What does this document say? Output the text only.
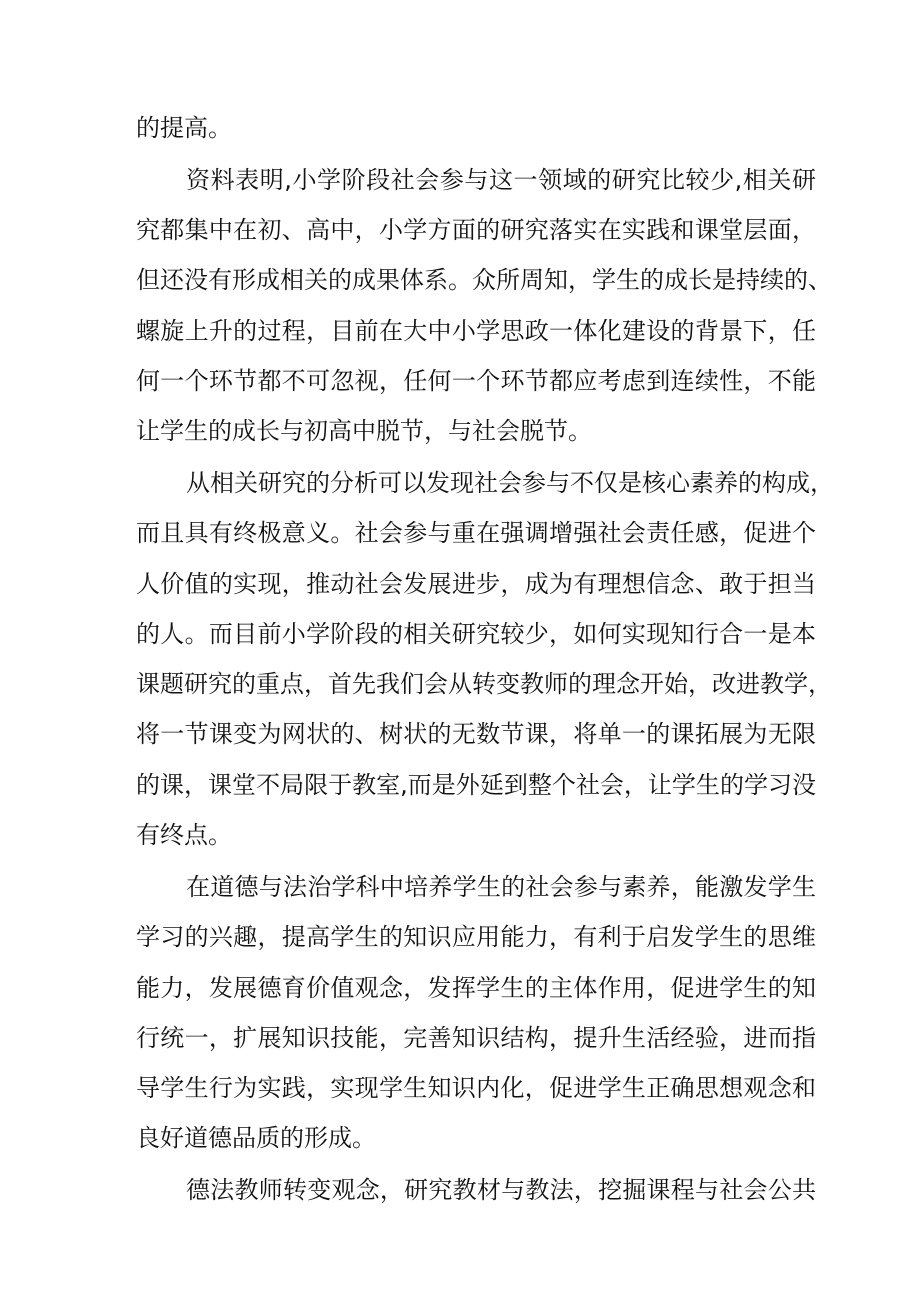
的提高。
资料表明,小学阶段社会参与这一领域的研究比较少,相关研
究都集中在初、高中，小学方面的研究落实在实践和课堂层面，
但还没有形成相关的成果体系。众所周知，学生的成长是持续的、
螺旋上升的过程，目前在大中小学思政一体化建设的背景下，任
何一个环节都不可忽视，任何一个环节都应考虑到连续性，不能
让学生的成长与初高中脱节，与社会脱节。
从相关研究的分析可以发现社会参与不仅是核心素养的构成，
而且具有终极意义。社会参与重在强调增强社会责任感，促进个
人价值的实现，推动社会发展进步，成为有理想信念、敢于担当
的人。而目前小学阶段的相关研究较少，如何实现知行合一是本
课题研究的重点，首先我们会从转变教师的理念开始，改进教学，
将一节课变为网状的、树状的无数节课，将单一的课拓展为无限
的课，课堂不局限于教室,而是外延到整个社会，让学生的学习没
有终点。
在道德与法治学科中培养学生的社会参与素养，能激发学生
学习的兴趣，提高学生的知识应用能力，有利于启发学生的思维
能力，发展德育价值观念，发挥学生的主体作用，促进学生的知
行统一，扩展知识技能，完善知识结构，提升生活经验，进而指
导学生行为实践，实现学生知识内化，促进学生正确思想观念和
良好道德品质的形成。
德法教师转变观念，研究教材与教法，挖掘课程与社会公共
